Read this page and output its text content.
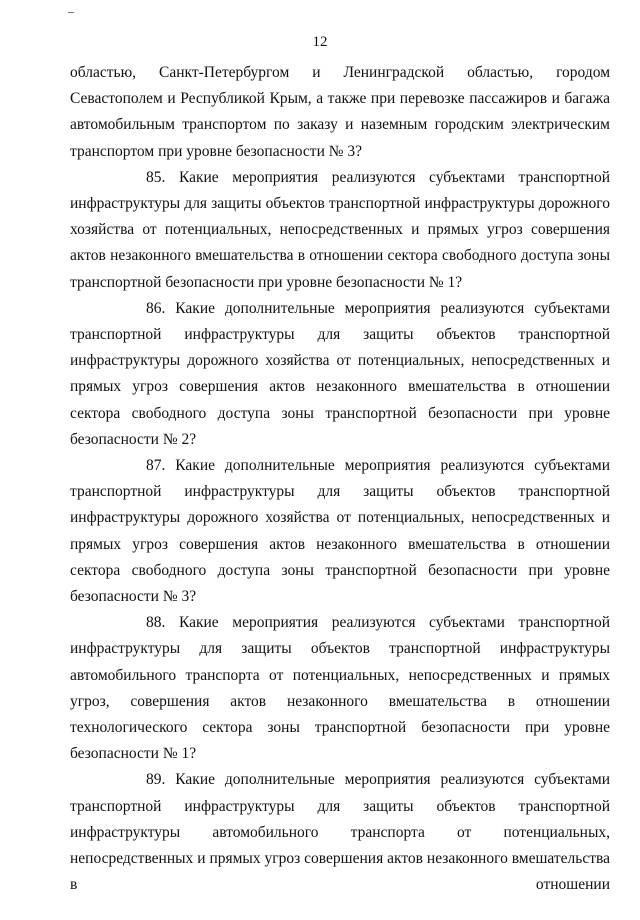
12

областью, Санкт-Петербургом и Ленинградской областью, городом Севастополем и Республикой Крым, а также при перевозке пассажиров и багажа автомобильным транспортом по заказу и наземным городским электрическим транспортом при уровне безопасности № 3?

85. Какие мероприятия реализуются субъектами транспортной инфраструктуры для защиты объектов транспортной инфраструктуры дорожного хозяйства от потенциальных, непосредственных и прямых угроз совершения актов незаконного вмешательства в отношении сектора свободного доступа зоны транспортной безопасности при уровне безопасности № 1?

86. Какие дополнительные мероприятия реализуются субъектами транспортной инфраструктуры для защиты объектов транспортной инфраструктуры дорожного хозяйства от потенциальных, непосредственных и прямых угроз совершения актов незаконного вмешательства в отношении сектора свободного доступа зоны транспортной безопасности при уровне безопасности № 2?

87. Какие дополнительные мероприятия реализуются субъектами транспортной инфраструктуры для защиты объектов транспортной инфраструктуры дорожного хозяйства от потенциальных, непосредственных и прямых угроз совершения актов незаконного вмешательства в отношении сектора свободного доступа зоны транспортной безопасности при уровне безопасности № 3?

88. Какие мероприятия реализуются субъектами транспортной инфраструктуры для защиты объектов транспортной инфраструктуры автомобильного транспорта от потенциальных, непосредственных и прямых угроз, совершения актов незаконного вмешательства в отношении технологического сектора зоны транспортной безопасности при уровне безопасности № 1?

89. Какие дополнительные мероприятия реализуются субъектами транспортной инфраструктуры для защиты объектов транспортной инфраструктуры автомобильного транспорта от потенциальных, непосредственных и прямых угроз совершения актов незаконного вмешательства в отношении
